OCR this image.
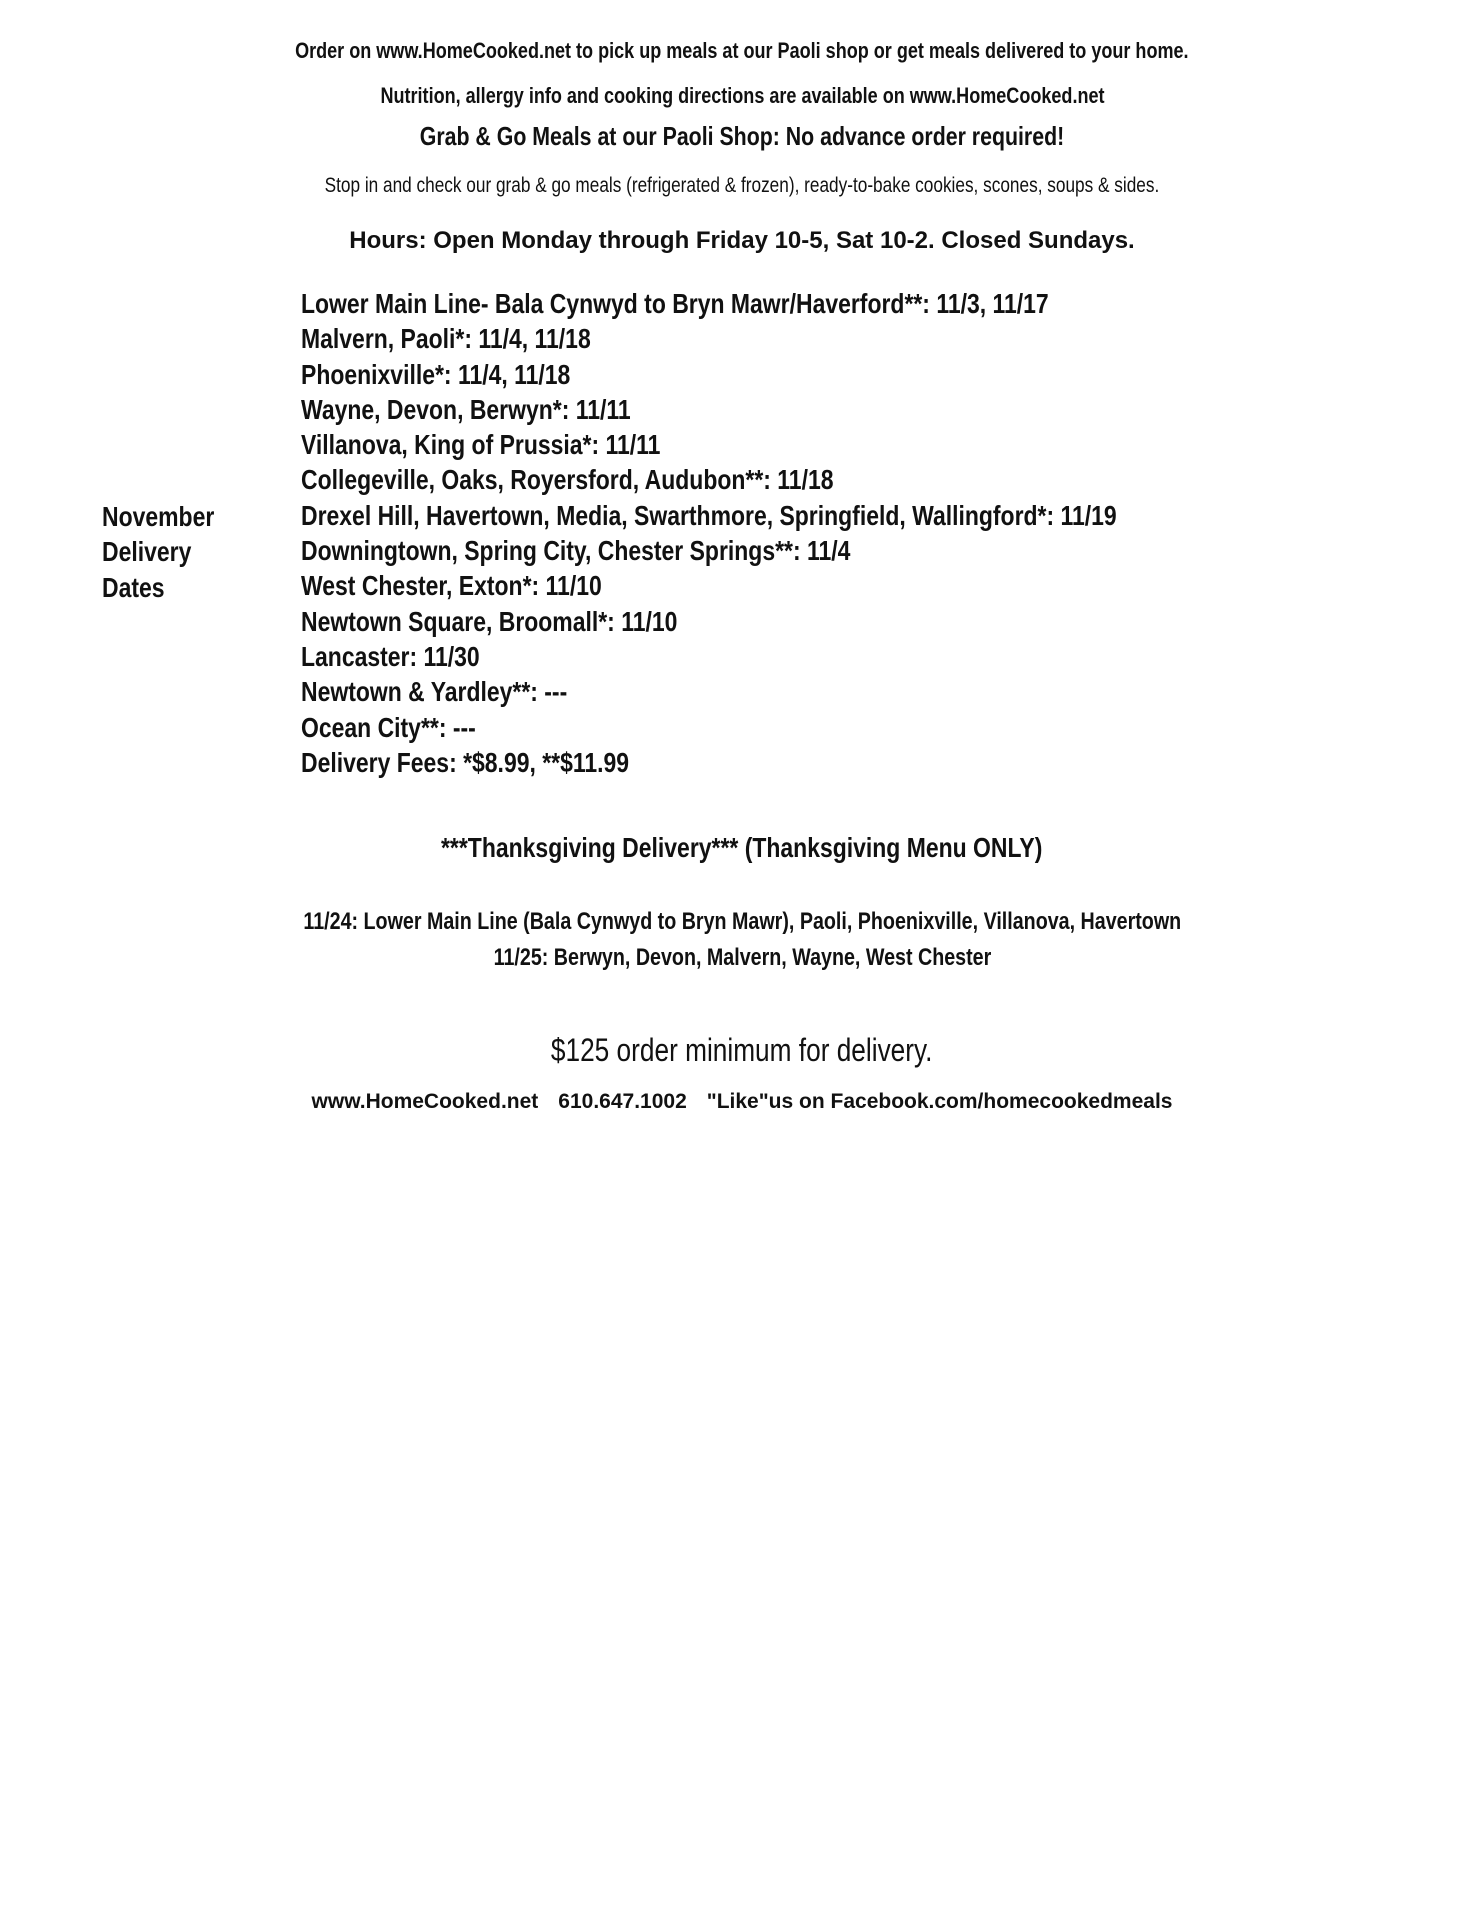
Order on www.HomeCooked.net to pick up meals at our Paoli shop or get meals delivered to your home.
Nutrition, allergy info and cooking directions are available on www.HomeCooked.net
Grab & Go Meals at our Paoli Shop: No advance order required!
Stop in and check our grab & go meals (refrigerated & frozen), ready-to-bake cookies, scones, soups & sides.
Hours: Open Monday through Friday 10-5, Sat 10-2. Closed Sundays.
November
Delivery
Dates
Lower Main Line- Bala Cynwyd to Bryn Mawr/Haverford**: 11/3, 11/17
Malvern, Paoli*: 11/4, 11/18
Phoenixville*: 11/4, 11/18
Wayne, Devon, Berwyn*: 11/11
Villanova, King of Prussia*: 11/11
Collegeville, Oaks, Royersford, Audubon**: 11/18
Drexel Hill, Havertown, Media, Swarthmore, Springfield, Wallingford*: 11/19
Downingtown, Spring City, Chester Springs**: 11/4
West Chester, Exton*: 11/10
Newtown Square, Broomall*: 11/10
Lancaster: 11/30
Newtown & Yardley**: ---
Ocean City**: ---
Delivery Fees: *$8.99, **$11.99
***Thanksgiving Delivery*** (Thanksgiving Menu ONLY)
11/24: Lower Main Line (Bala Cynwyd to Bryn Mawr), Paoli, Phoenixville, Villanova, Havertown
11/25: Berwyn, Devon, Malvern, Wayne, West Chester
$125 order minimum for delivery.
www.HomeCooked.net 610.647.1002 "Like"us on Facebook.com/homecookedmeals
